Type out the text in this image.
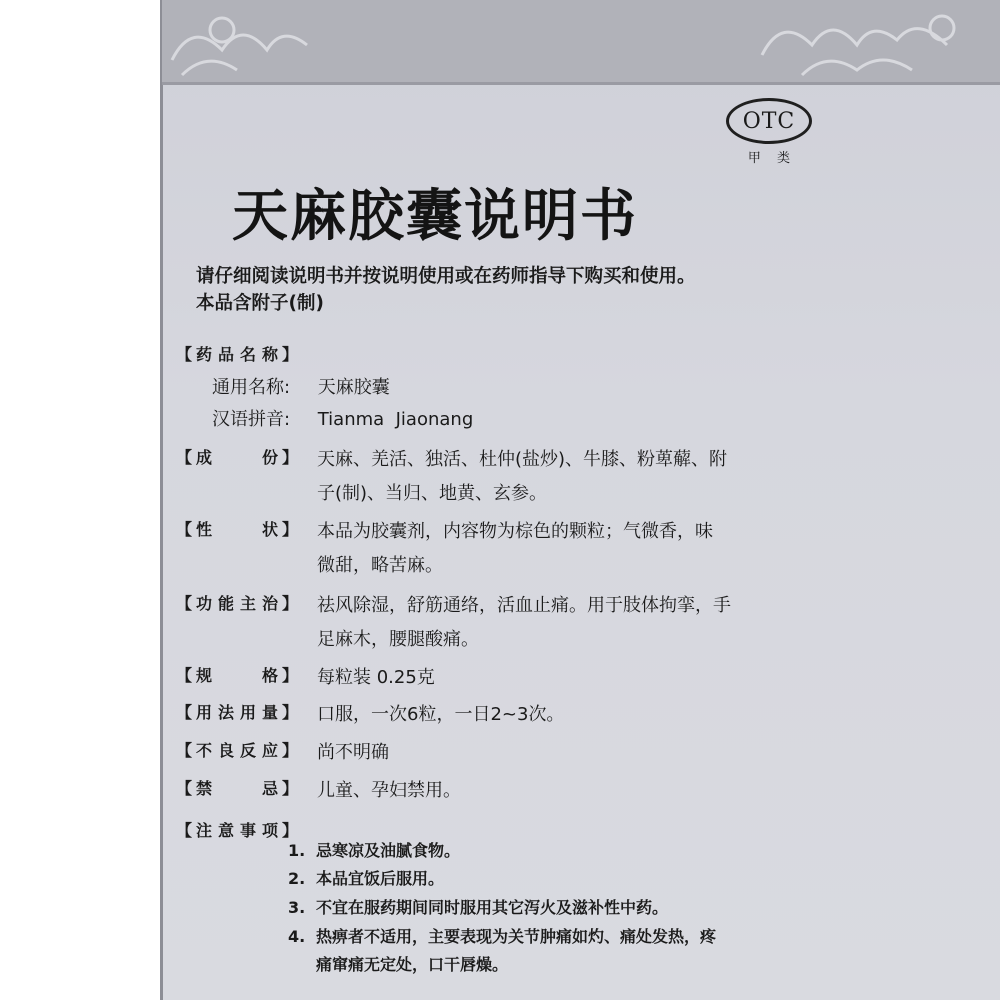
OTC
甲 类
天麻胶囊说明书
请仔细阅读说明书并按说明使用或在药师指导下购买和使用。
本品含附子(制)
【 药 品 名 称 】
通用名称: 天麻胶囊
汉语拼音: Tianma  Jiaonang
【 成	份 】 天麻、羌活、独活、杜仲(盐炒)、牛膝、粉萆薢、附
子(制)、当归、地黄、玄参。
【 性	状 】 本品为胶囊剂，内容物为棕色的颗粒；气微香，味
微甜，略苦麻。
【 功 能 主 治 】 祛风除湿，舒筋通络，活血止痛。用于肢体拘挛，手
足麻木，腰腿酸痛。
【 规	格 】 每粒装 0.25克
【 用 法 用 量 】 口服，一次6粒，一日2~3次。
【 不 良 反 应 】 尚不明确
【 禁	忌 】 儿童、孕妇禁用。
【 注 意 事 项 】
1. 忌寒凉及油腻食物。
2. 本品宜饭后服用。
3. 不宜在服药期间同时服用其它泻火及滋补性中药。
4. 热痹者不适用，主要表现为关节肿痛如灼、痛处发热，疼
痛窜痛无定处，口干唇燥。
